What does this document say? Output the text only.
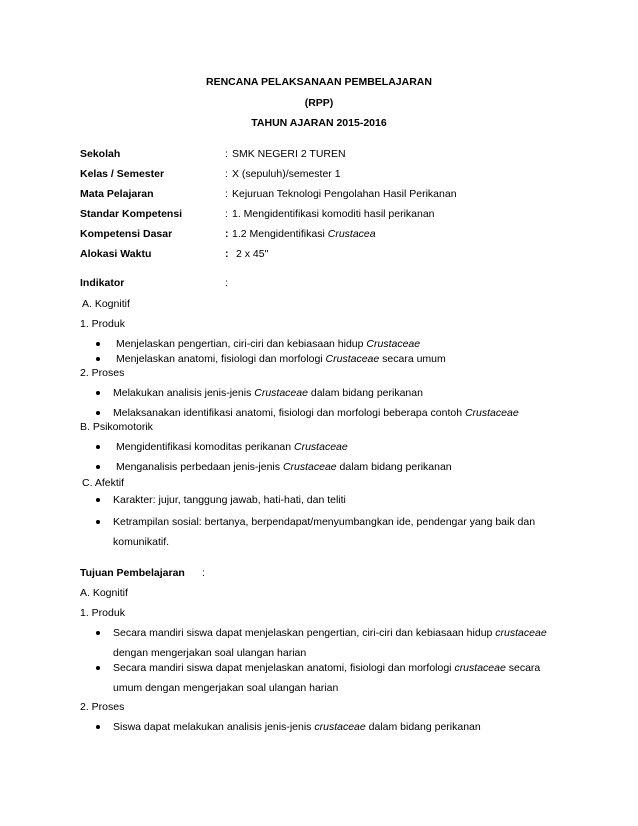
RENCANA PELAKSANAAN PEMBELAJARAN
(RPP)
TAHUN AJARAN 2015-2016
Sekolah	: SMK NEGERI 2 TUREN
Kelas / Semester	: X (sepuluh)/semester 1
Mata Pelajaran	: Kejuruan Teknologi Pengolahan Hasil Perikanan
Standar Kompetensi	: 1. Mengidentifikasi komoditi hasil perikanan
Kompetensi Dasar	: 1.2 Mengidentifikasi Crustacea
Alokasi Waktu	: 2 x 45"
Indikator	:
A. Kognitif
1. Produk
Menjelaskan pengertian, ciri-ciri dan kebiasaan hidup Crustaceae
Menjelaskan anatomi, fisiologi dan morfologi Crustaceae secara umum
2. Proses
Melakukan analisis jenis-jenis Crustaceae dalam bidang perikanan
Melaksanakan identifikasi anatomi, fisiologi dan morfologi beberapa contoh Crustaceae
B. Psikomotorik
Mengidentifikasi komoditas perikanan Crustaceae
Menganalisis perbedaan jenis-jenis Crustaceae dalam bidang perikanan
C. Afektif
Karakter: jujur, tanggung jawab, hati-hati, dan teliti
Ketrampilan sosial: bertanya, berpendapat/menyumbangkan ide, pendengar yang baik dan
komunikatif.
Tujuan Pembelajaran :
A. Kognitif
1. Produk
Secara mandiri siswa dapat menjelaskan pengertian, ciri-ciri dan kebiasaan hidup crustaceae
dengan mengerjakan soal ulangan harian
Secara mandiri siswa dapat menjelaskan anatomi, fisiologi dan morfologi crustaceae secara
umum dengan mengerjakan soal ulangan harian
2. Proses
Siswa dapat melakukan analisis jenis-jenis crustaceae dalam bidang perikanan
